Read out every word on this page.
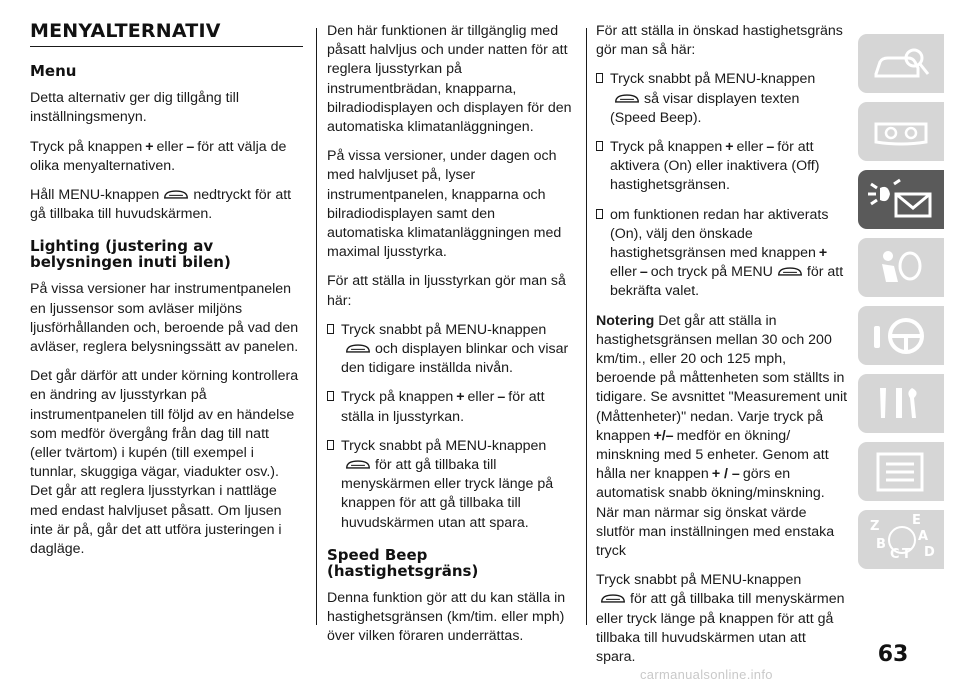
MENYALTERNATIV
Menu

Detta alternativ ger dig tillgång till inställningsmenyn.

Tryck på knappen + eller – för att välja de olika menyalternativen.

Håll MENU-knappen nedtryckt för att gå tillbaka till huvudskärmen.

Lighting (justering av belysningen inuti bilen)

På vissa versioner har instrumentpanelen en ljussensor som avläser miljöns ljusförhållanden och, beroende på vad den avläser, reglera belysningssätt av panelen.

Det går därför att under körning kontrollera en ändring av ljusstyrkan på instrumentpanelen till följd av en händelse som medför övergång från dag till natt (eller tvärtom) i kupén (till exempel i tunnlar, skuggiga vägar, viadukter osv.). Det går att reglera ljusstyrkan i nattläge med endast halvljuset påsatt. Om ljusen inte är på, går det att utföra justeringen i dagläge.

Den här funktionen är tillgänglig med påsatt halvljus och under natten för att reglera ljusstyrkan på instrumentbrädan, knapparna, bilradiodisplayen och displayen för den automatiska klimatanläggningen.

På vissa versioner, under dagen och med halvljuset på, lyser instrumentpanelen, knapparna och bilradiodisplayen samt den automatiska klimatanläggningen med maximal ljusstyrka.

För att ställa in ljusstyrkan gör man så här:

Tryck snabbt på MENU-knappen
och displayen blinkar och visar den tidigare inställda nivån.
Tryck på knappen + eller – för att ställa in ljusstyrkan.
Tryck snabbt på MENU-knappen
för att gå tillbaka till menyskärmen eller tryck länge på knappen för att gå tillbaka till huvudskärmen utan att spara.
Speed Beep (hastighetsgräns)

Denna funktion gör att du kan ställa in hastighetsgränsen (km/tim. eller mph) över vilken föraren underrättas.

För att ställa in önskad hastighetsgräns gör man så här:

Tryck snabbt på MENU-knappen
så visar displayen texten (Speed Beep).
Tryck på knappen + eller – för att aktivera (On) eller inaktivera (Off) hastighetsgränsen.
om funktionen redan har aktiverats (On), välj den önskade hastighetsgränsen med knappen +
eller – och tryck på MENU för att bekräfta valet.

Notering Det går att ställa in hastighetsgränsen mellan 30 och 200 km/tim., eller 20 och 125 mph, beroende på måttenheten som ställts in tidigare. Se avsnittet "Measurement unit (Måttenheter)" nedan. Varje tryck på knappen +/– medför en ökning/ minskning med 5 enheter. Genom att hålla ner knappen + / – görs en automatisk snabb ökning/minskning. När man närmar sig önskat värde slutför man inställningen med enstaka tryck

Tryck snabbt på MENU-knappen
för att gå tillbaka till menyskärmen eller tryck länge på knappen för att gå tillbaka till huvudskärmen utan att spara.

Z	E
A
B
C T D
63
carmanualsonline.info
